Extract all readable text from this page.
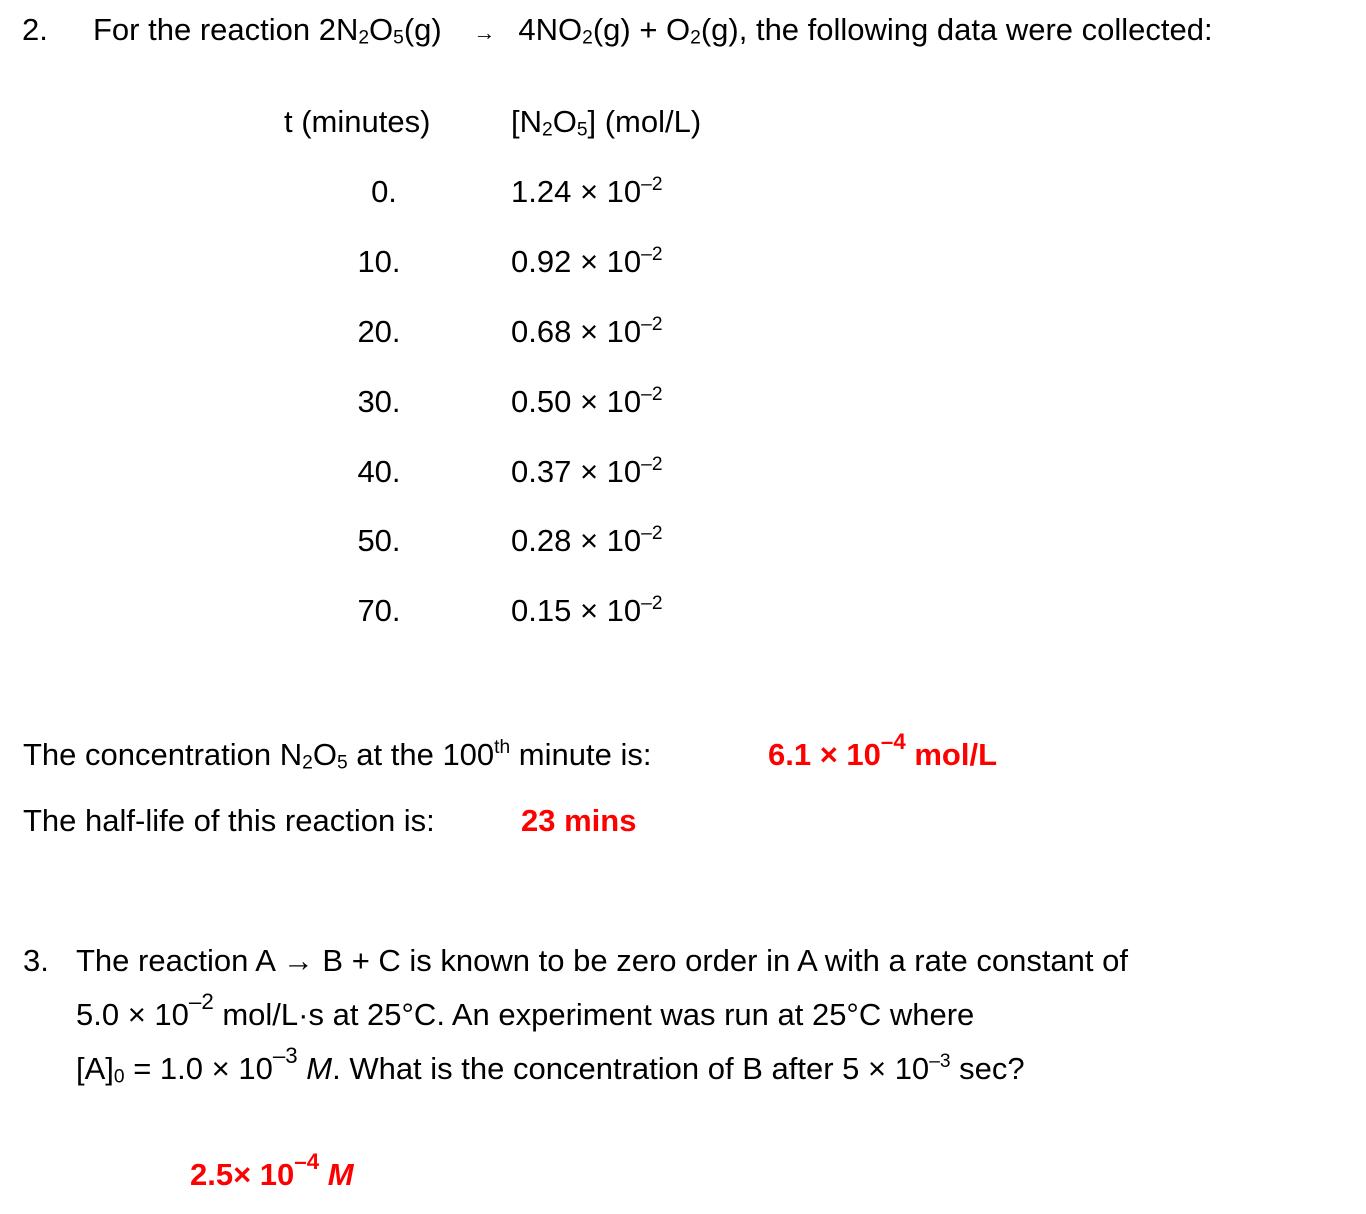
2. For the reaction 2N2O5(g) → 4NO2(g) + O2(g), the following data were collected:
t (minutes)	[N2O5] (mol/L)
0.	$1.24 \times 10^{-2}$
10.	$0.92 \times 10^{-2}$
20.	$0.68 \times 10^{-2}$
30.	$0.50 \times 10^{-2}$
40.	$0.37 \times 10^{-2}$
50.	$0.28 \times 10^{-2}$
70.	$0.15 \times 10^{-2}$
The concentration N2O5 at the 100th minute is:	$6.1 \times 10^{-4}$ mol/L
The half-life of this reaction is:	23 mins
3. The reaction A → B + C is known to be zero order in A with a rate constant of
$5.0 \times 10^{-2}$ mol/L·s at 25°C. An experiment was run at 25°C where
$[A]0 = 1.0 \times 10^{-3}$ M. What is the concentration of B after $5 \times 10^{-3}$ sec?
$2.5\times 10^{-4}$ M
